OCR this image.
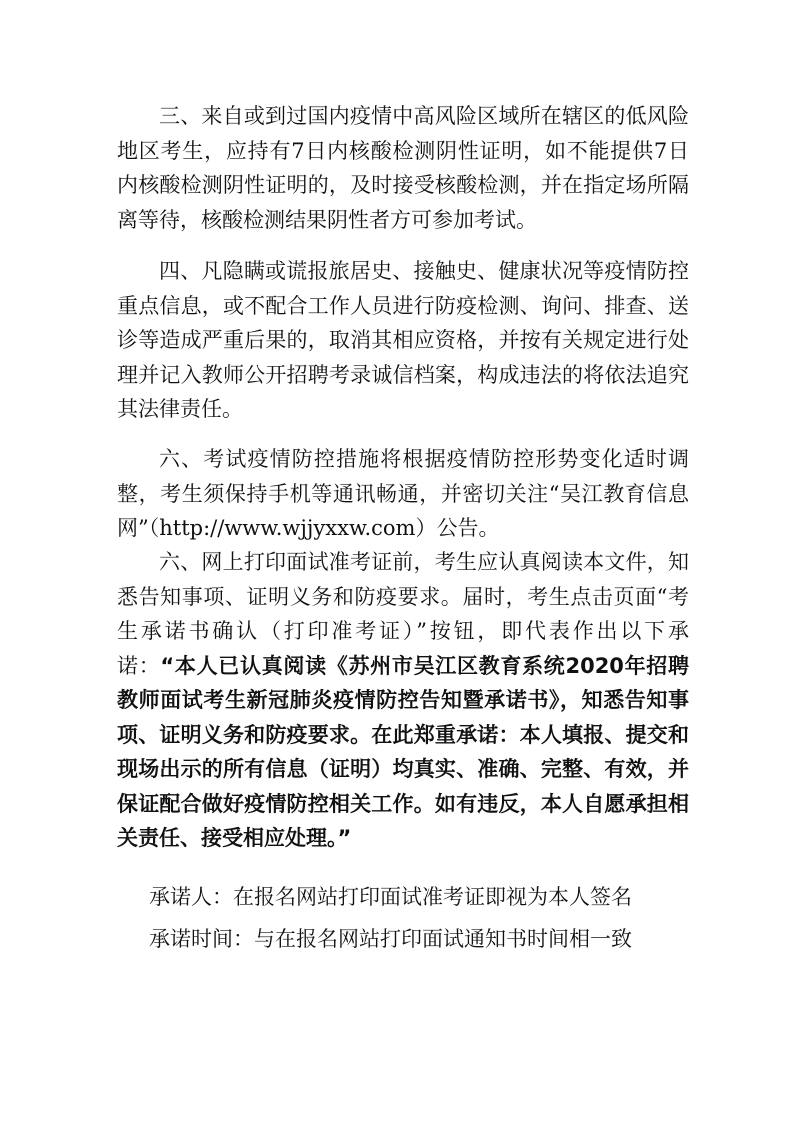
三、来自或到过国内疫情中高风险区域所在辖区的低风险地区考生，应持有7日内核酸检测阴性证明，如不能提供7日内核酸检测阴性证明的，及时接受核酸检测，并在指定场所隔离等待，核酸检测结果阴性者方可参加考试。

四、凡隐瞒或谎报旅居史、接触史、健康状况等疫情防控重点信息，或不配合工作人员进行防疫检测、询问、排查、送诊等造成严重后果的，取消其相应资格，并按有关规定进行处理并记入教师公开招聘考录诚信档案，构成违法的将依法追究其法律责任。

六、考试疫情防控措施将根据疫情防控形势变化适时调整，考生须保持手机等通讯畅通，并密切关注“吴江教育信息网”（http://www.wjjyxxw.com）公告。

六、网上打印面试准考证前，考生应认真阅读本文件，知悉告知事项、证明义务和防疫要求。届时，考生点击页面“考生承诺书确认（打印准考证）”按钮，即代表作出以下承诺：“本人已认真阅读《苏州市吴江区教育系统2020年招聘教师面试考生新冠肺炎疫情防控告知暨承诺书》，知悉告知事项、证明义务和防疫要求。在此郑重承诺：本人填报、提交和现场出示的所有信息（证明）均真实、准确、完整、有效，并保证配合做好疫情防控相关工作。如有违反，本人自愿承担相关责任、接受相应处理。”

承诺人：在报名网站打印面试准考证即视为本人签名

承诺时间：与在报名网站打印面试通知书时间相一致
